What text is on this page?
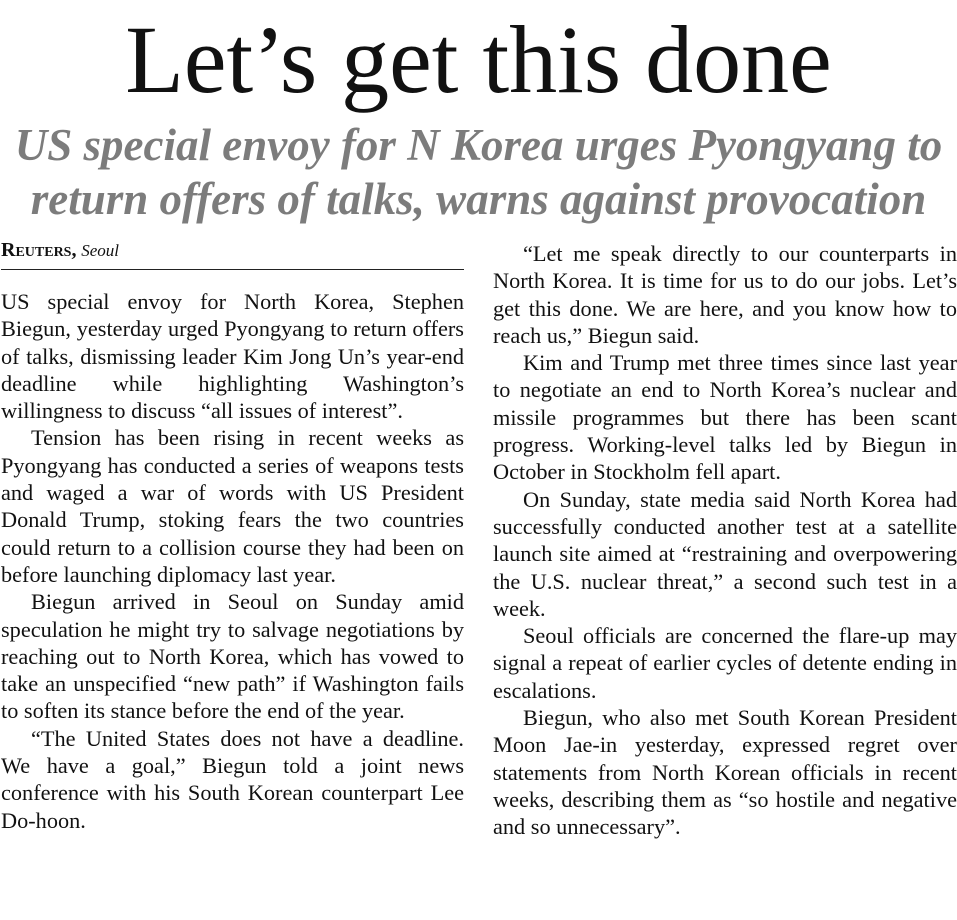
Let’s get this done
US special envoy for N Korea urges Pyongyang to return offers of talks, warns against provocation
Reuters, Seoul

US special envoy for North Korea, Stephen Biegun, yesterday urged Pyongyang to return offers of talks, dismissing leader Kim Jong Un’s year-end deadline while highlighting Washington’s willingness to discuss “all issues of interest”.

Tension has been rising in recent weeks as Pyongyang has conducted a series of weapons tests and waged a war of words with US President Donald Trump, stoking fears the two countries could return to a collision course they had been on before launching diplomacy last year.

Biegun arrived in Seoul on Sunday amid speculation he might try to salvage negotiations by reaching out to North Korea, which has vowed to take an unspecified “new path” if Washington fails to soften its stance before the end of the year.

“The United States does not have a deadline. We have a goal,” Biegun told a joint news conference with his South Korean counterpart Lee Do-hoon.

“Let me speak directly to our counterparts in North Korea. It is time for us to do our jobs. Let’s get this done. We are here, and you know how to reach us,” Biegun said.

Kim and Trump met three times since last year to negotiate an end to North Korea’s nuclear and missile programmes but there has been scant progress. Working-level talks led by Biegun in October in Stockholm fell apart.

On Sunday, state media said North Korea had successfully conducted another test at a satellite launch site aimed at “restraining and overpowering the U.S. nuclear threat,” a second such test in a week.

Seoul officials are concerned the flare-up may signal a repeat of earlier cycles of detente ending in escalations.

Biegun, who also met South Korean President Moon Jae-in yesterday, expressed regret over statements from North Korean officials in recent weeks, describing them as “so hostile and negative and so unnecessary”.
